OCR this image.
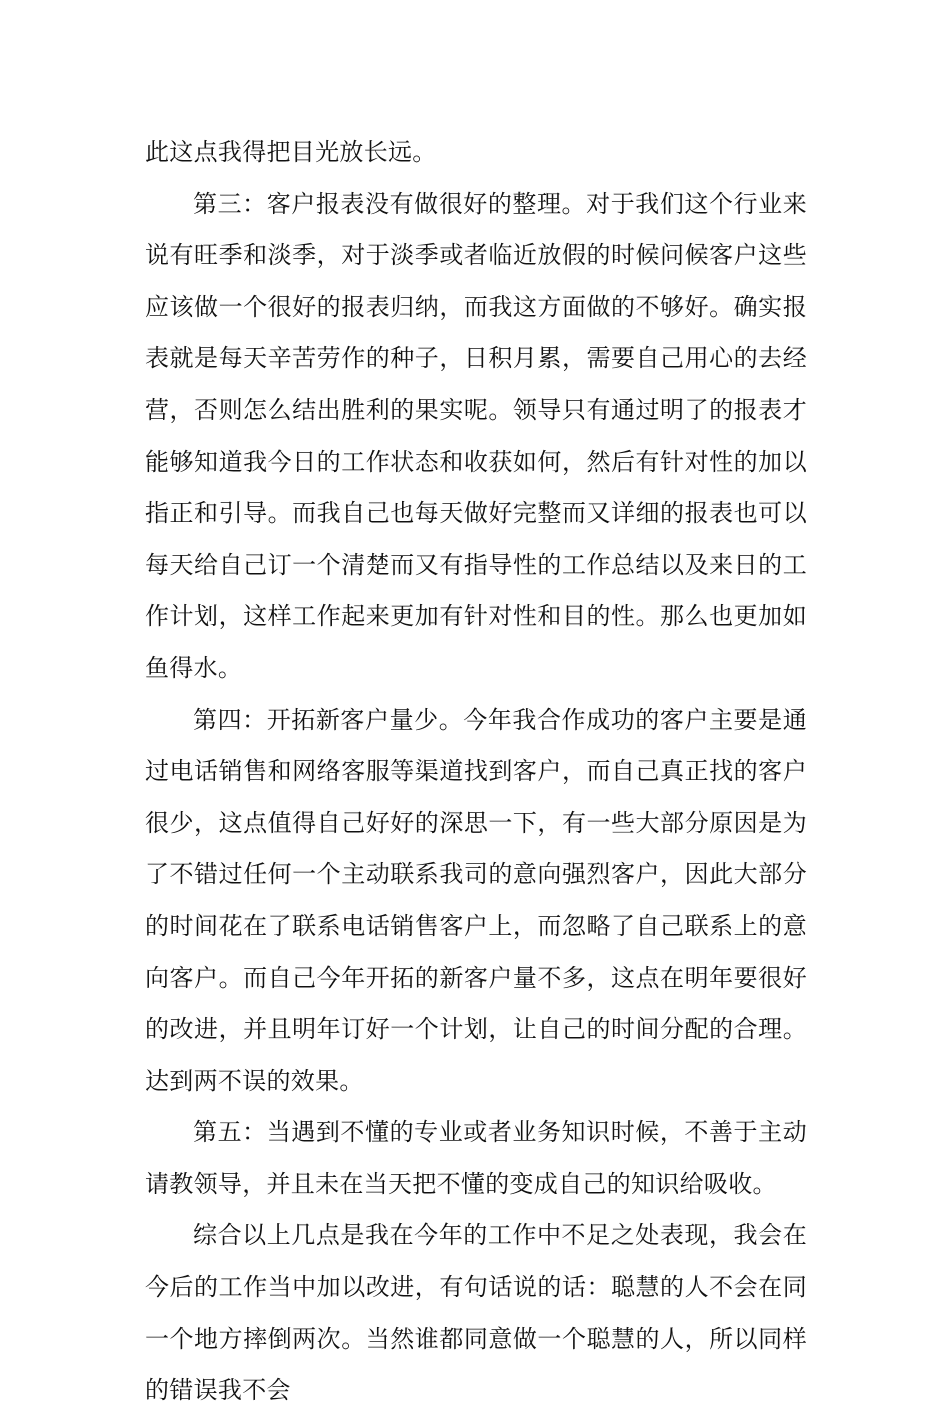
此这点我得把目光放长远。

第三：客户报表没有做很好的整理。对于我们这个行业来说有旺季和淡季，对于淡季或者临近放假的时候问候客户这些应该做一个很好的报表归纳，而我这方面做的不够好。确实报表就是每天辛苦劳作的种子，日积月累，需要自己用心的去经营，否则怎么结出胜利的果实呢。领导只有通过明了的报表才能够知道我今日的工作状态和收获如何，然后有针对性的加以指正和引导。而我自己也每天做好完整而又详细的报表也可以每天给自己订一个清楚而又有指导性的工作总结以及来日的工作计划，这样工作起来更加有针对性和目的性。那么也更加如鱼得水。

第四：开拓新客户量少。今年我合作成功的客户主要是通过电话销售和网络客服等渠道找到客户，而自己真正找的客户很少，这点值得自己好好的深思一下，有一些大部分原因是为了不错过任何一个主动联系我司的意向强烈客户，因此大部分的时间花在了联系电话销售客户上，而忽略了自己联系上的意向客户。而自己今年开拓的新客户量不多，这点在明年要很好的改进，并且明年订好一个计划，让自己的时间分配的合理。达到两不误的效果。

第五：当遇到不懂的专业或者业务知识时候，不善于主动请教领导，并且未在当天把不懂的变成自己的知识给吸收。

综合以上几点是我在今年的工作中不足之处表现，我会在今后的工作当中加以改进，有句话说的话：聪慧的人不会在同一个地方摔倒两次。当然谁都同意做一个聪慧的人，所以同样的错误我不会
